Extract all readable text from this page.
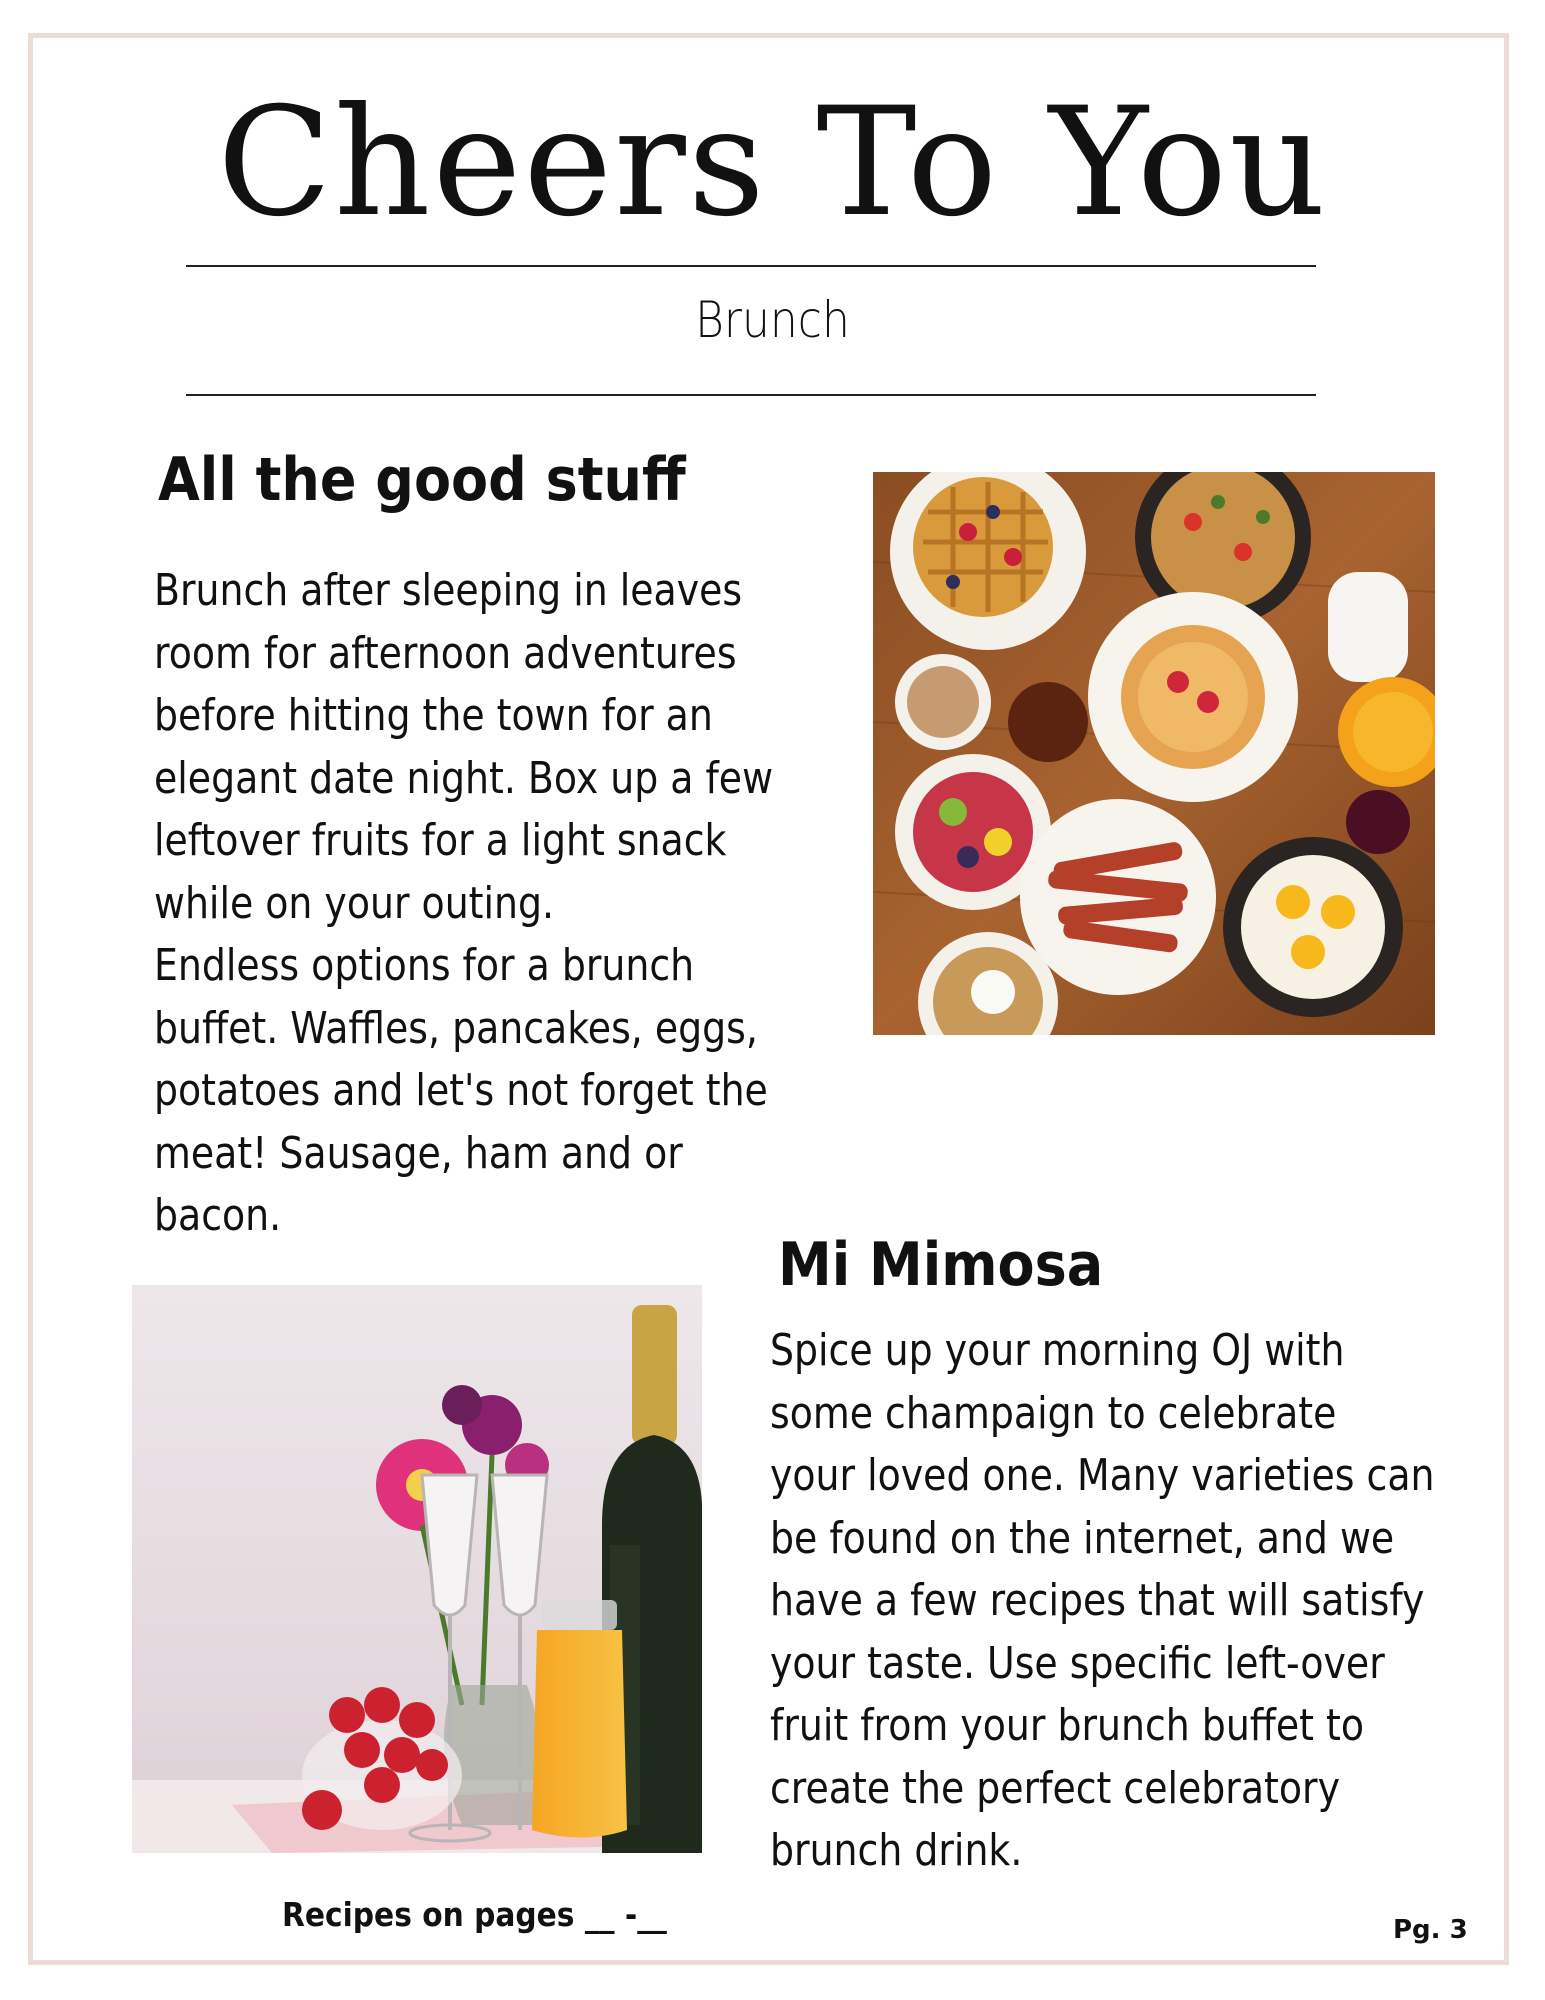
Cheers To You
Brunch
All the good stuff

Brunch after sleeping in leaves
room for afternoon adventures
before hitting the town for an
elegant date night. Box up a few
leftover fruits for a light snack
while on your outing.
Endless options for a brunch
buffet. Waffles, pancakes, eggs,
potatoes and let's not forget the
meat! Sausage, ham and or
bacon.

Mi Mimosa

Spice up your morning OJ with
some champaign to celebrate
your loved one. Many varieties can
be found on the internet, and we
have a few recipes that will satisfy
your taste. Use specific left-over
fruit from your brunch buffet to
create the perfect celebratory
brunch drink.

Recipes on pages __ -__	Pg. 3
